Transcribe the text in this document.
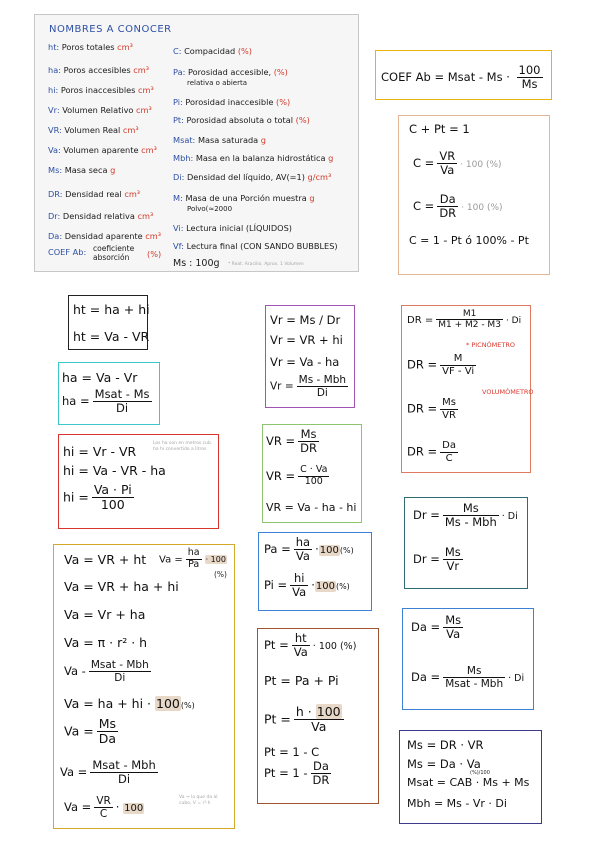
NOMBRES A CONOCER
COEF Ab: coeficiente
absorción	(%)
Ms : 100g * Reat. Aracilio. Aprox. 1 Volumen
ht: Poros totales cm³
ha: Poros accesibles cm³
hi: Poros inaccesibles cm³
Vr: Volumen Relativo cm³
VR: Volumen Real cm³
Va: Volumen aparente cm³
Ms: Masa seca g
DR: Densidad real cm³
Dr: Densidad relativa cm³
Da: Densidad aparente cm³
C: Compacidad (%)
Pa: Porosidad accesible, (%)
relativa o abierta
Pi: Porosidad inaccesible (%)
Pt: Porosidad absoluta o total (%)
Msat: Masa saturada g
Mbh: Masa en la balanza hidrostática g
Di: Densidad del líquido, AV(=1) g/cm³
M: Masa de una Porción muestra g
Polvo(≈2000
Vi: Lectura inicial (LÍQUIDOS)
Vf: Lectura final (CON SANDO BUBBLES)
COEF Ab = Msat - $Ms \cdot \frac{100}{Ms}$
C + Pt = 1
$C = \frac{VR}{Va} \cdot 100$ (%)
$C = \frac{Da}{DR} \cdot 100$ (%)
C = 1 - Pt ó 100% - Pt
ht = ha + hi
ht = Va - VR
ha = Va - Vr
ha = $\frac{\text{Msat - Ms}}{Di}$
hi = Vr - VR
hi = Va - VR - ha
hi = $\frac{Va \cdot Pi}{100}$
Los ha son en metros cub. ha hi convertido a litros
Vr = Ms / Dr
Vr = VR + hi
Vr = Va - ha
$Vr = \frac{\text{Ms - Mbh}}{Di}$
VR = $\frac{Ms}{DR}$
VR = $\frac{C \cdot Va}{100}$
VR = Va - ha - hi
DR = $\frac{M1}{M1 + M2 - M3} \cdot Di$
* PICNÓMETRO
DR = $\frac{M}{VF - Vi}$
VOLUMÓMETRO
DR = $\frac{Ms}{VR}$
DR = $\frac{Da}{C}$
$Dr = \frac{Ms}{\text{Ms - Mbh}} \cdot Di$
$Dr = \frac{Ms}{Vr}$
Va = VR + ht $Va = \frac{ha}{Pa} \cdot 100$
(%)
Va = VR + ha + hi
Va = Vr + ha
Va = π · r² · h
Va - $\frac{\text{Msat - Mbh}}{Di}$
Va = ha + hi · 100(%)
$Va = \frac{Ms}{Da}$
$Va = \frac{\text{Msat - Mbh}}{Di}$
$Va = \frac{VR}{C} \cdot 100$
Va → lo que da al cubo, V = r²·h
$Pa = \frac{ha}{Va} \cdot 100(\%)$
$Pi = \frac{hi}{Va} \cdot 100(\%)$
$Pt = \frac{ht}{Va} \cdot 100$ (%)
Pt = Pa + Pi
$Pt = \frac{h \cdot 100}{Va}$
Pt = 1 - C
$Pt = 1 - \frac{Da}{DR}$
$Da = \frac{Ms}{Va}$
$Da = \frac{Ms}{\text{Msat - Mbh}} \cdot Di$
Ms = DR · VR
Ms = Da · Va
Msat = CAB · Ms + Ms
(%)/100
Mbh = Ms - Vr · Di
